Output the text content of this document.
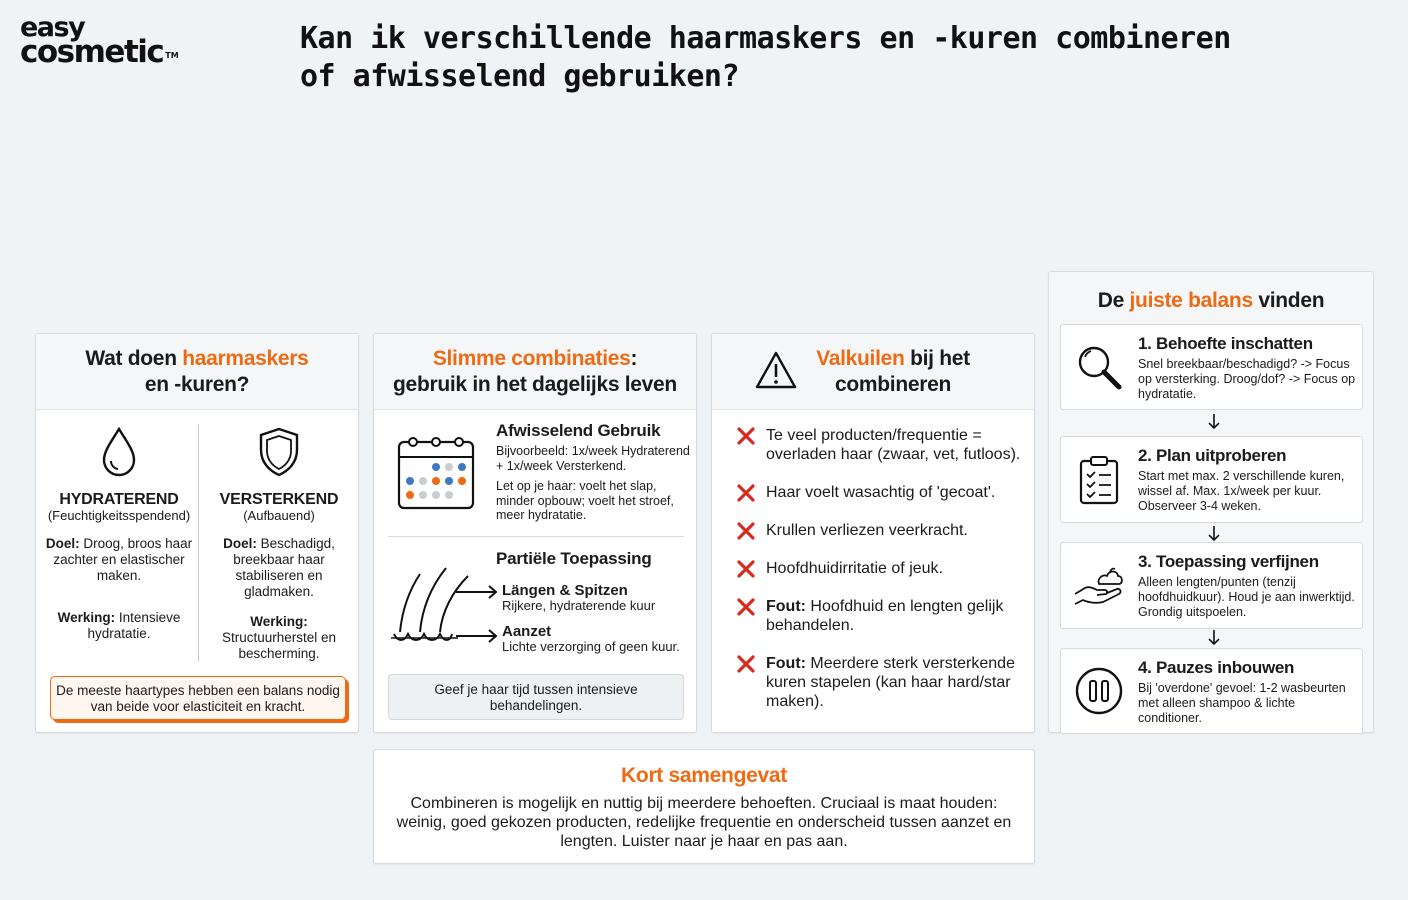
easy
cosmetic ™	Kan ik verschillende haarmaskers en -kuren combineren of afwisselend gebruiken?
Wat doen haarmaskers
en -kuren?
HYDRATEREND
(Feuchtigkeitsspendend)

Doel: Droog, broos haar zachter en elastischer maken.

Werking: Intensieve hydratatie.

VERSTERKEND
(Aufbauend)

Doel: Beschadigd, breekbaar haar stabiliseren en gladmaken.

Werking:
Structuurherstel en bescherming.

De meeste haartypes hebben een balans nodig van beide voor elasticiteit en kracht.
Slimme combinaties:
gebruik in het dagelijks leven
Afwisselend Gebruik
Bijvoorbeeld: 1x/week Hydraterend + 1x/week Versterkend.
Let op je haar: voelt het slap, minder opbouw; voelt het stroef, meer hydratatie.
Partiële Toepassing
Längen & Spitzen
Rijkere, hydraterende kuur
Aanzet
Lichte verzorging of geen kuur.
Geef je haar tijd tussen intensieve behandelingen.
Valkuilen bij het
combineren
Te veel producten/frequentie = overladen haar (zwaar, vet, futloos).
Haar voelt wasachtig of 'gecoat'.
Krullen verliezen veerkracht.
Hoofdhuidirritatie of jeuk.
Fout: Hoofdhuid en lengten gelijk behandelen.
Fout: Meerdere sterk versterkende kuren stapelen (kan haar hard/star maken).
De juiste balans vinden
1. Behoefte inschatten
Snel breekbaar/beschadigd? -> Focus op versterking. Droog/dof? -> Focus op hydratatie.
2. Plan uitproberen
Start met max. 2 verschillende kuren, wissel af. Max. 1x/week per kuur. Observeer 3-4 weken.
3. Toepassing verfijnen
Alleen lengten/punten (tenzij hoofdhuidkuur). Houd je aan inwerktijd. Grondig uitspoelen.
4. Pauzes inbouwen
Bij 'overdone' gevoel: 1-2 wasbeurten met alleen shampoo & lichte conditioner.
Kort samengevat
Combineren is mogelijk en nuttig bij meerdere behoeften. Cruciaal is maat houden: weinig, goed gekozen producten, redelijke frequentie en onderscheid tussen aanzet en lengten. Luister naar je haar en pas aan.
